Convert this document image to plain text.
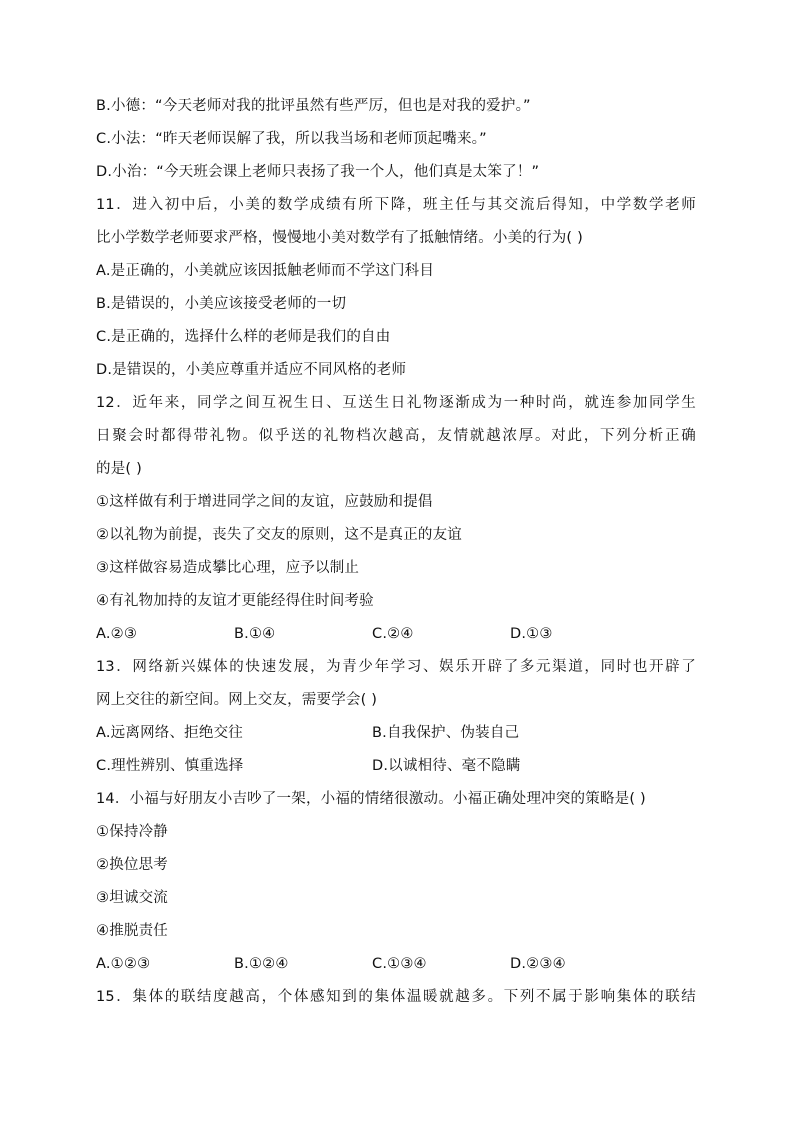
B.小德：“今天老师对我的批评虽然有些严厉，但也是对我的爱护。”
C.小法：“昨天老师误解了我，所以我当场和老师顶起嘴来。”
D.小治：“今天班会课上老师只表扬了我一个人，他们真是太笨了！”
11．进入初中后，小美的数学成绩有所下降，班主任与其交流后得知，中学数学老师
比小学数学老师要求严格，慢慢地小美对数学有了抵触情绪。小美的行为( )
A.是正确的，小美就应该因抵触老师而不学这门科目
B.是错误的，小美应该接受老师的一切
C.是正确的，选择什么样的老师是我们的自由
D.是错误的，小美应尊重并适应不同风格的老师
12．近年来，同学之间互祝生日、互送生日礼物逐渐成为一种时尚，就连参加同学生
日聚会时都得带礼物。似乎送的礼物档次越高，友情就越浓厚。对此，下列分析正确
的是( )
①这样做有利于增进同学之间的友谊，应鼓励和提倡
②以礼物为前提，丧失了交友的原则，这不是真正的友谊
③这样做容易造成攀比心理，应予以制止
④有礼物加持的友谊才更能经得住时间考验
A.②③	B.①④	C.②④	D.①③
13．网络新兴媒体的快速发展，为青少年学习、娱乐开辟了多元渠道，同时也开辟了
网上交往的新空间。网上交友，需要学会( )
A.远离网络、拒绝交往	B.自我保护、伪装自己
C.理性辨别、慎重选择	D.以诚相待、毫不隐瞒
14．小福与好朋友小吉吵了一架，小福的情绪很激动。小福正确处理冲突的策略是( )
①保持冷静
②换位思考
③坦诚交流
④推脱责任
A.①②③	B.①②④	C.①③④	D.②③④
15．集体的联结度越高，个体感知到的集体温暖就越多。下列不属于影响集体的联结
